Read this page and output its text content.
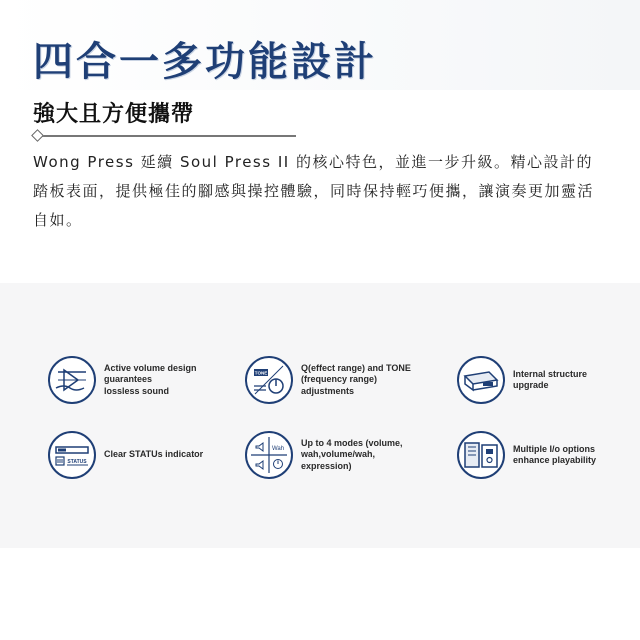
四合一多功能設計
強大且方便攜帶

Wong Press 延續 Soul Press II 的核心特色，並進一步升級。精心設計的踏板表面，提供極佳的腳感與操控體驗，同時保持輕巧便攜，讓演奏更加靈活自如。

Active volume design
guarantees
lossless sound
TONE
Q(effect range) and TONE
(frequency range)
adjustments
Internal structure
upgrade
STATUS
Clear STATUs indicator
Wah
Up to 4 modes (volume,
wah,volume/wah,
expression)
Multiple I/o options
enhance playability
